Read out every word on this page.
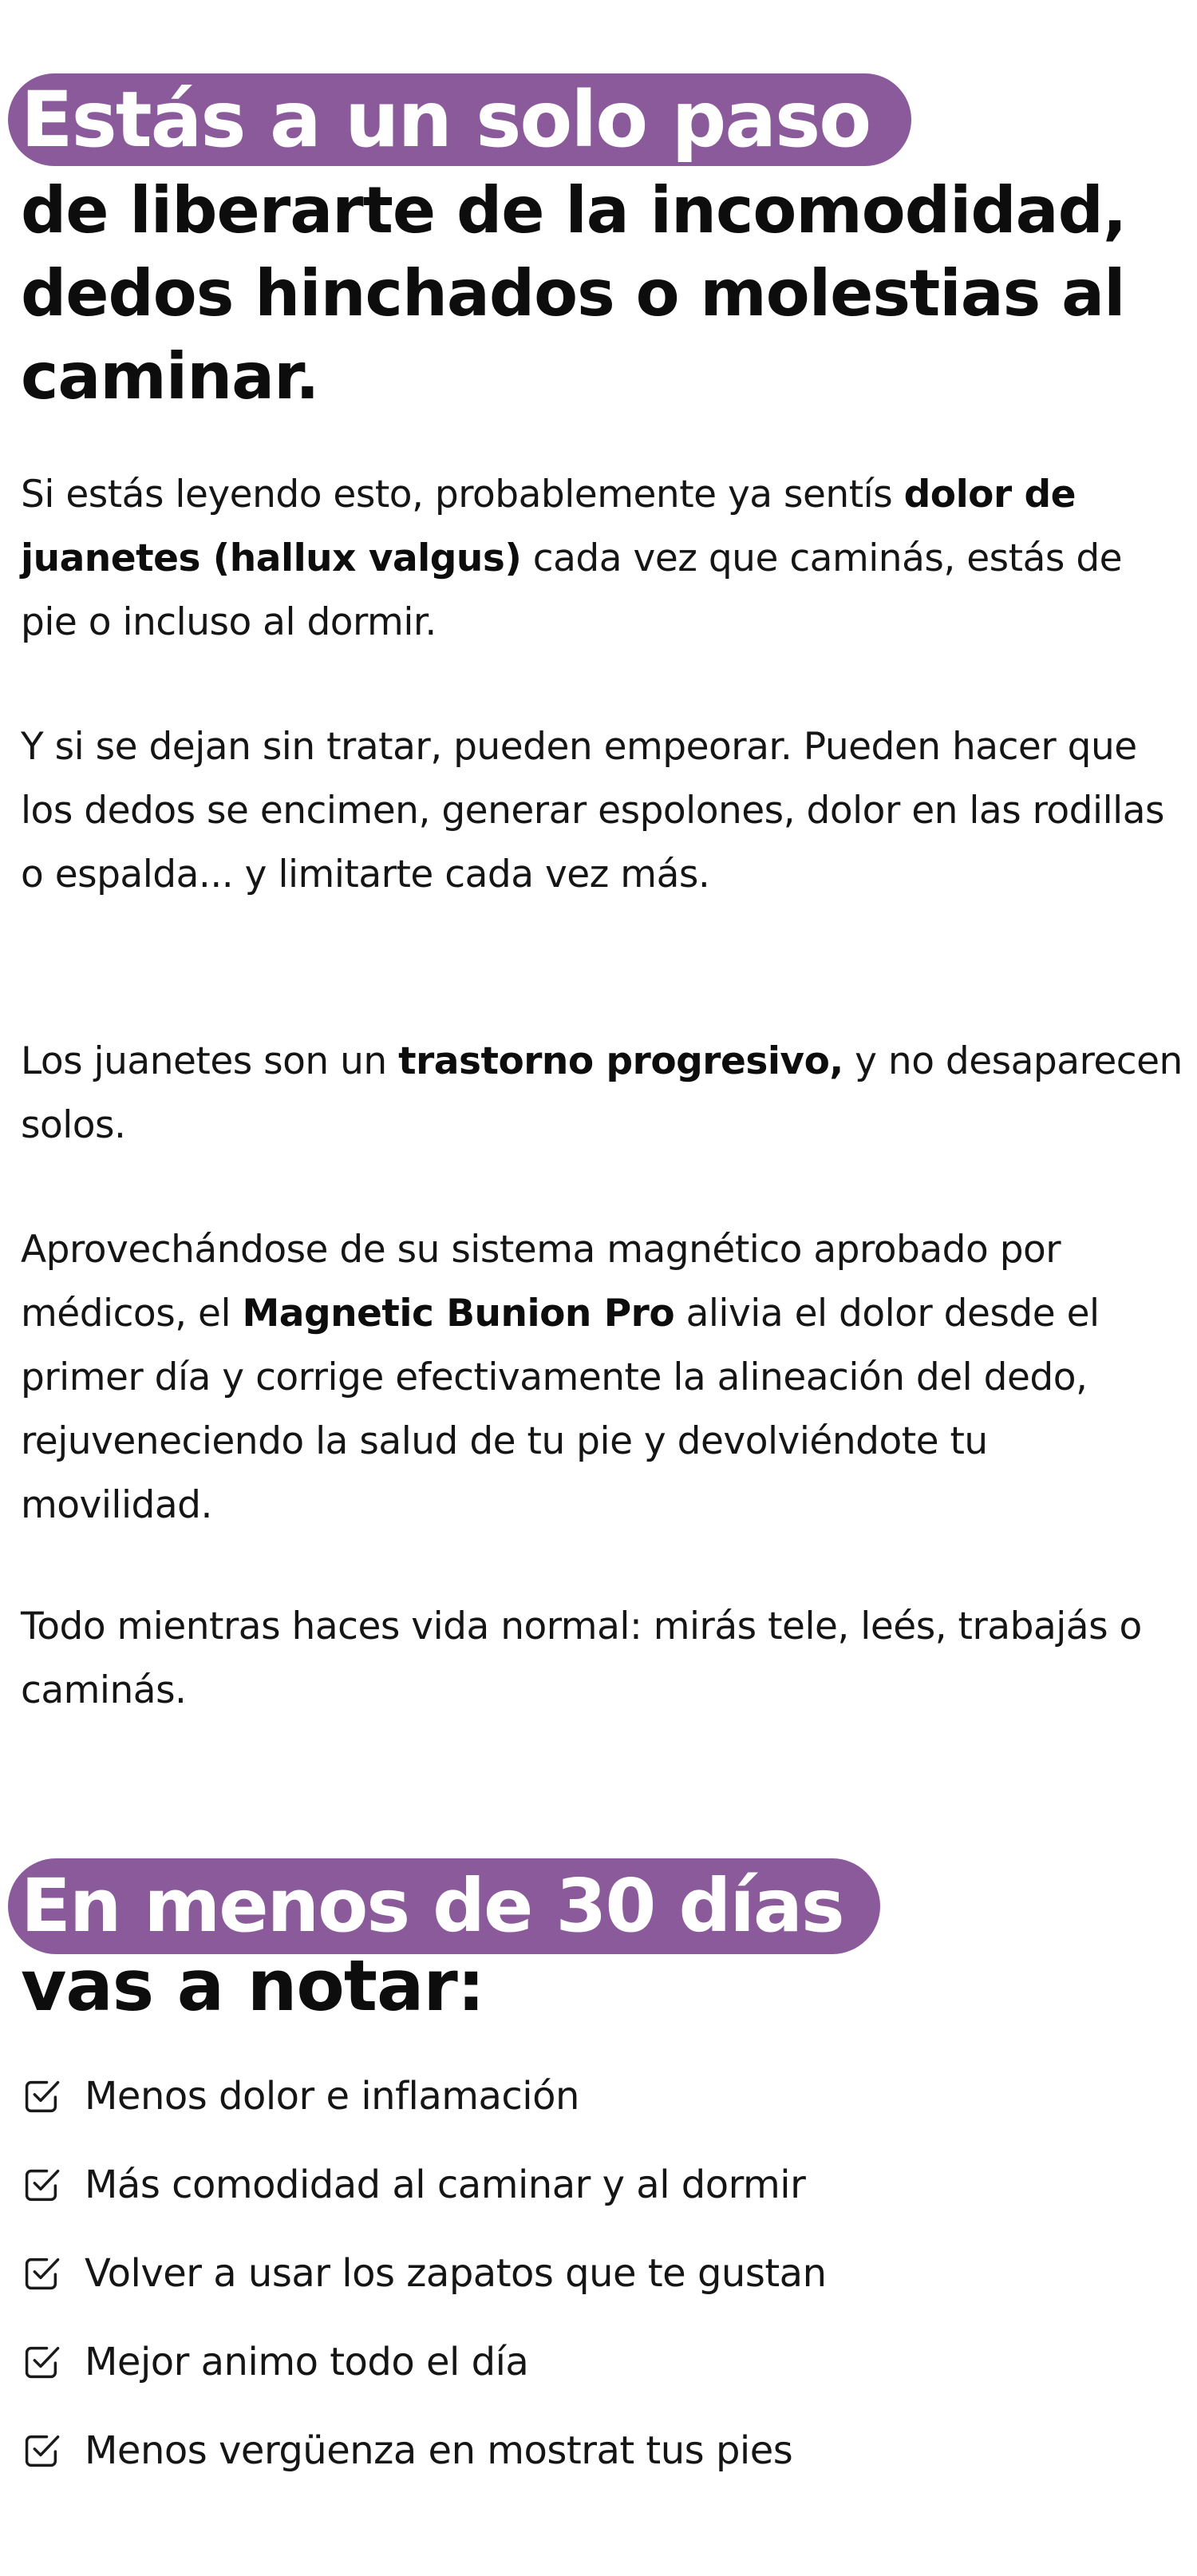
Estás a un solo paso
de liberarte de la incomodidad, dedos hinchados o molestias al caminar.

Si estás leyendo esto, probablemente ya sentís dolor de juanetes (hallux valgus) cada vez que caminás, estás de pie o incluso al dormir.

Y si se dejan sin tratar, pueden empeorar. Pueden hacer que los dedos se encimen, generar espolones, dolor en las rodillas o espalda... y limitarte cada vez más.

Los juanetes son un trastorno progresivo, y no desaparecen solos.

Aprovechándose de su sistema magnético aprobado por médicos, el Magnetic Bunion Pro alivia el dolor desde el primer día y corrige efectivamente la alineación del dedo, rejuveneciendo la salud de tu pie y devolviéndote tu movilidad.

Todo mientras haces vida normal: mirás tele, leés, trabajás o caminás.

En menos de 30 días
vas a notar:
Menos dolor e inflamación
Más comodidad al caminar y al dormir
Volver a usar los zapatos que te gustan
Mejor animo todo el día
Menos vergüenza en mostrat tus pies
